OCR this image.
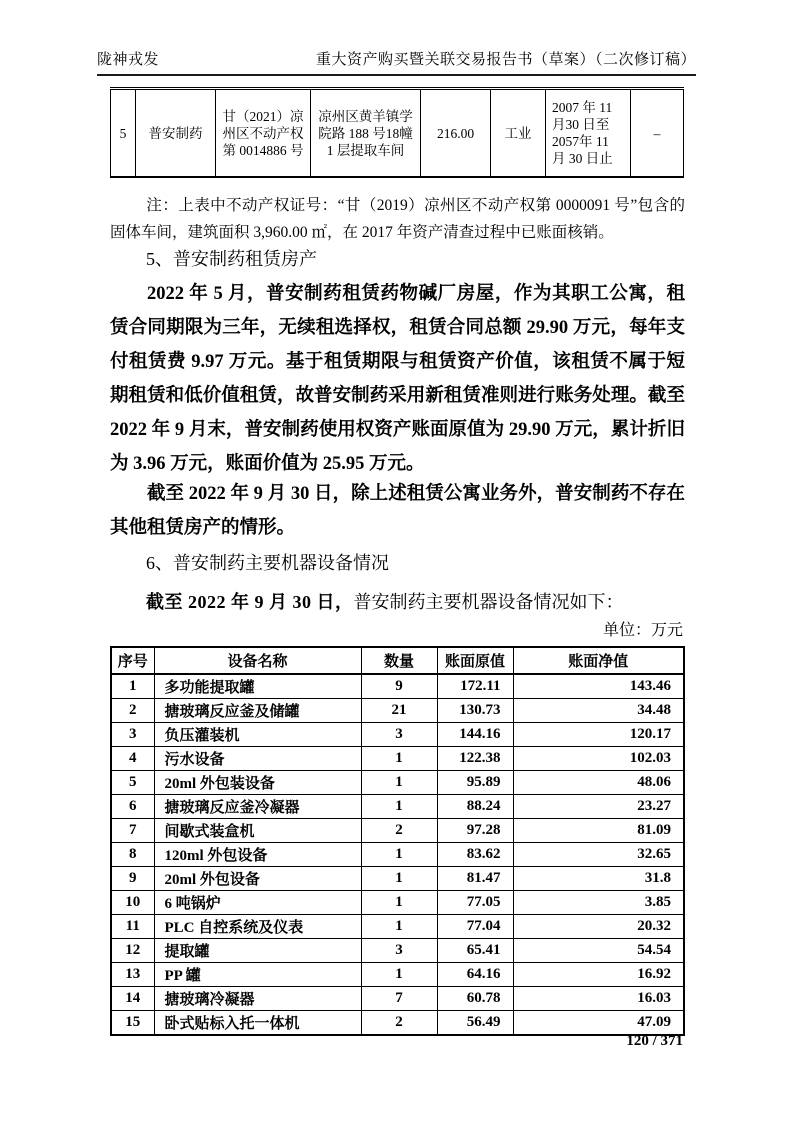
陇神戎发	重大资产购买暨关联交易报告书（草案）（二次修订稿）
5	普安制药	甘（2021）凉州区不动产权第 0014886 号	凉州区黄羊镇学院路 188 号18幢 1 层提取车间	216.00	工业	2007 年 11 月30 日至 2057年 11 月 30 日止	–

注：上表中不动产权证号：“甘（2019）凉州区不动产权第 0000091 号”包含的固体车间，建筑面积 3,960.00 ㎡，在 2017 年资产清查过程中已账面核销。

5、普安制药租赁房产

2022 年 5 月，普安制药租赁药物碱厂房屋，作为其职工公寓，租赁合同期限为三年，无续租选择权，租赁合同总额 29.90 万元，每年支付租赁费 9.97 万元。基于租赁期限与租赁资产价值，该租赁不属于短期租赁和低价值租赁，故普安制药采用新租赁准则进行账务处理。截至 2022 年 9 月末，普安制药使用权资产账面原值为 29.90 万元，累计折旧为 3.96 万元，账面价值为 25.95 万元。

截至 2022 年 9 月 30 日，除上述租赁公寓业务外，普安制药不存在其他租赁房产的情形。

6、普安制药主要机器设备情况

截至 2022 年 9 月 30 日，普安制药主要机器设备情况如下：

单位：万元
序号	设备名称	数量	账面原值	账面净值
1	多功能提取罐	9	172.11	143.46
2	搪玻璃反应釜及储罐	21	130.73	34.48
3	负压灌装机	3	144.16	120.17
4	污水设备	1	122.38	102.03
5	20ml 外包装设备	1	95.89	48.06
6	搪玻璃反应釜冷凝器	1	88.24	23.27
7	间歇式装盒机	2	97.28	81.09
8	120ml 外包设备	1	83.62	32.65
9	20ml 外包设备	1	81.47	31.8
10	6 吨锅炉	1	77.05	3.85
11	PLC 自控系统及仪表	1	77.04	20.32
12	提取罐	3	65.41	54.54
13	PP 罐	1	64.16	16.92
14	搪玻璃冷凝器	7	60.78	16.03
15	卧式贴标入托一体机	2	56.49	47.09
120 / 371
